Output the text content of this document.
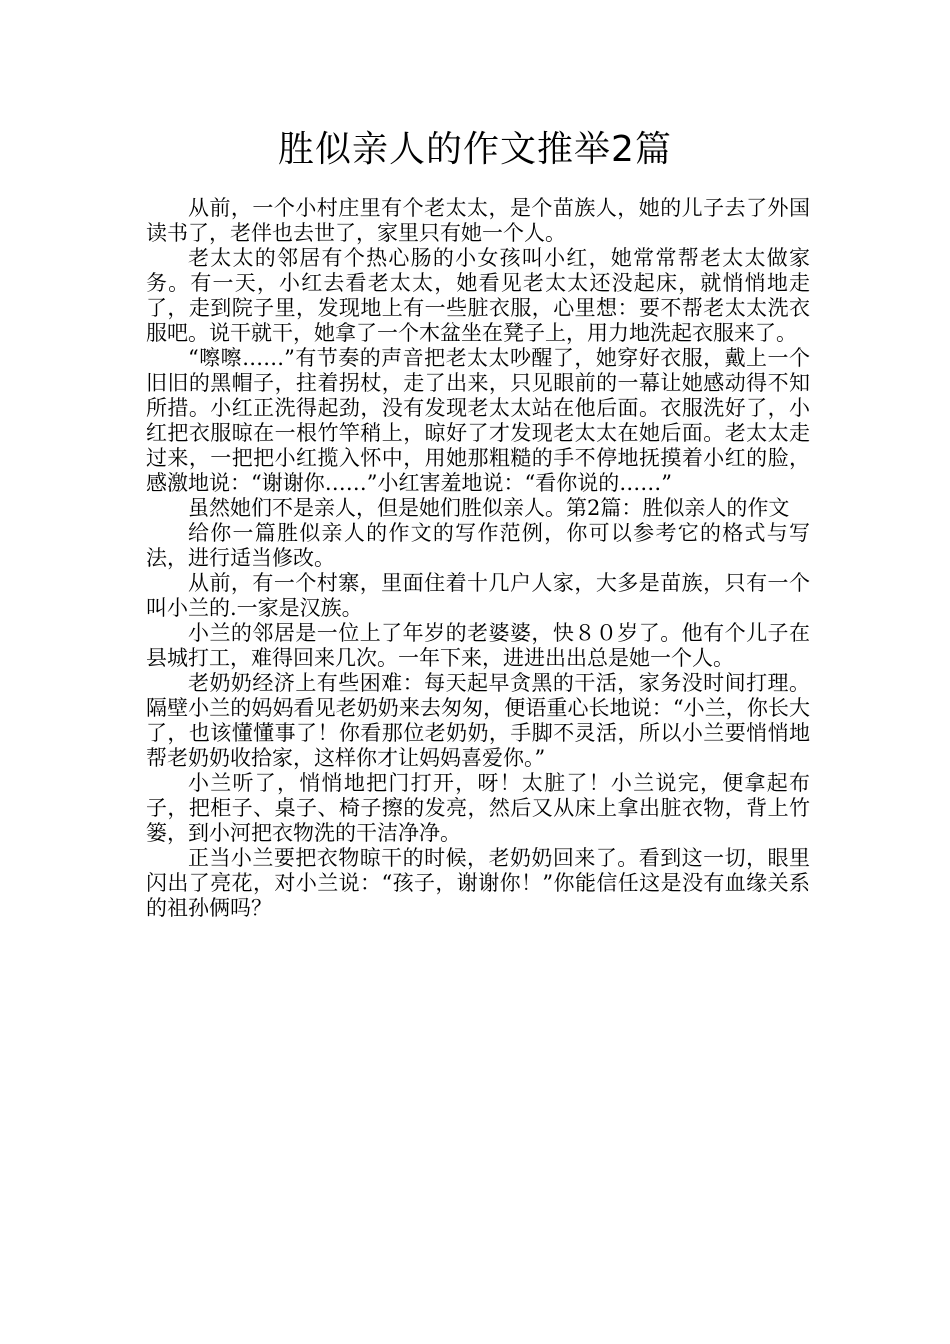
胜似亲人的作文推举2篇

从前，一个小村庄里有个老太太，是个苗族人，她的儿子去了外国读书了，老伴也去世了，家里只有她一个人。

老太太的邻居有个热心肠的小女孩叫小红，她常常帮老太太做家务。有一天，小红去看老太太，她看见老太太还没起床，就悄悄地走了，走到院子里，发现地上有一些脏衣服，心里想：要不帮老太太洗衣服吧。说干就干，她拿了一个木盆坐在凳子上，用力地洗起衣服来了。

“嚓嚓……”有节奏的声音把老太太吵醒了，她穿好衣服，戴上一个旧旧的黑帽子，拄着拐杖，走了出来，只见眼前的一幕让她感动得不知所措。小红正洗得起劲，没有发现老太太站在他后面。衣服洗好了，小红把衣服晾在一根竹竿稍上，晾好了才发现老太太在她后面。老太太走过来，一把把小红揽入怀中，用她那粗糙的手不停地抚摸着小红的脸，感激地说：“谢谢你……”小红害羞地说：“看你说的……”

虽然她们不是亲人，但是她们胜似亲人。第2篇：胜似亲人的作文

给你一篇胜似亲人的作文的写作范例，你可以参考它的格式与写法，进行适当修改。

从前，有一个村寨，里面住着十几户人家，大多是苗族，只有一个叫小兰的.一家是汉族。

小兰的邻居是一位上了年岁的老婆婆，快８０岁了。他有个儿子在县城打工，难得回来几次。一年下来，进进出出总是她一个人。

老奶奶经济上有些困难：每天起早贪黑的干活，家务没时间打理。隔壁小兰的妈妈看见老奶奶来去匆匆，便语重心长地说：“小兰，你长大了，也该懂懂事了！你看那位老奶奶，手脚不灵活，所以小兰要悄悄地帮老奶奶收拾家，这样你才让妈妈喜爱你。”

小兰听了，悄悄地把门打开，呀！太脏了！小兰说完，便拿起布子，把柜子、桌子、椅子擦的发亮，然后又从床上拿出脏衣物，背上竹篓，到小河把衣物洗的干洁净净。

正当小兰要把衣物晾干的时候，老奶奶回来了。看到这一切，眼里闪出了亮花，对小兰说：“孩子，谢谢你！”你能信任这是没有血缘关系的祖孙俩吗？
